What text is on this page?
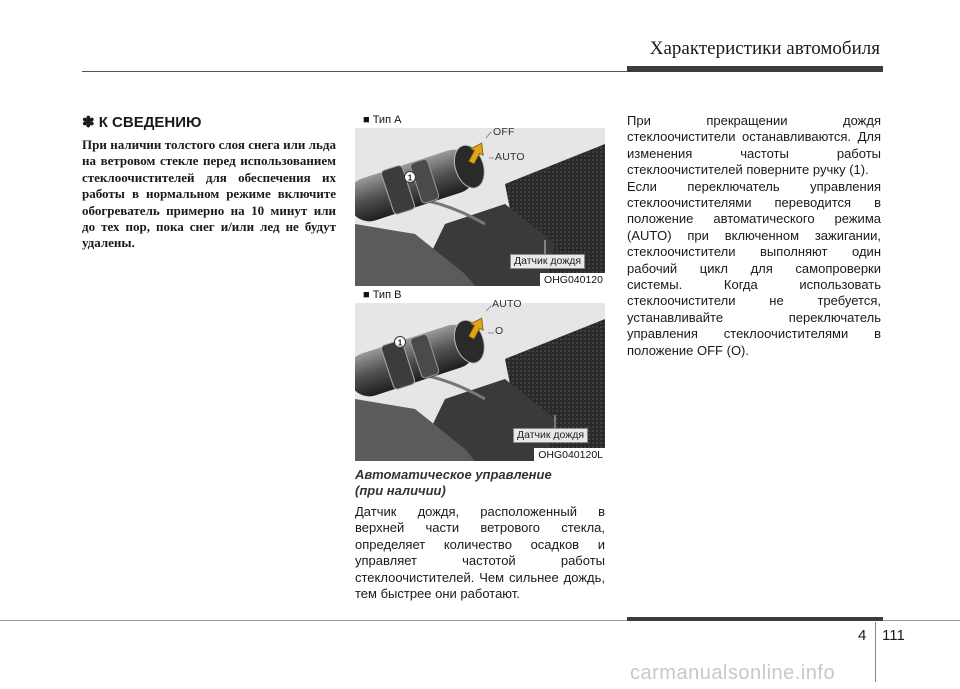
Характеристики автомобиля
✽ К СВЕДЕНИЮ

При наличии толстого слоя снега или льда на ветровом стекле перед использованием стеклоочистителей для обеспечения их работы в нормальном режиме включите обогреватель примерно на 10 минут или до тех пор, пока снег и/или лед не будут удалены.

1
■ Тип А
OFF
AUTO
Датчик дождя
OHG040120
1
■ Тип В
AUTO
O
Датчик дождя
OHG040120L
Автоматическое управление
(при наличии)

Датчик дождя, расположенный в верхней части ветрового стекла, определяет количество осадков и управляет частотой работы стеклоочистителей. Чем сильнее дождь, тем быстрее они работают.

При прекращении дождя стеклоочистители останавливаются. Для изменения частоты работы стеклоочистителей поверните ручку (1).

Если переключатель управления стеклоочистителями переводится в положение автоматического режима (AUTO) при включенном зажигании, стеклоочистители выполняют один рабочий цикл для самопроверки системы. Когда использовать стеклоочистители не требуется, устанавливайте переключатель управления стеклоочистителями в положение OFF (O).

4 111
carmanualsonline.info
